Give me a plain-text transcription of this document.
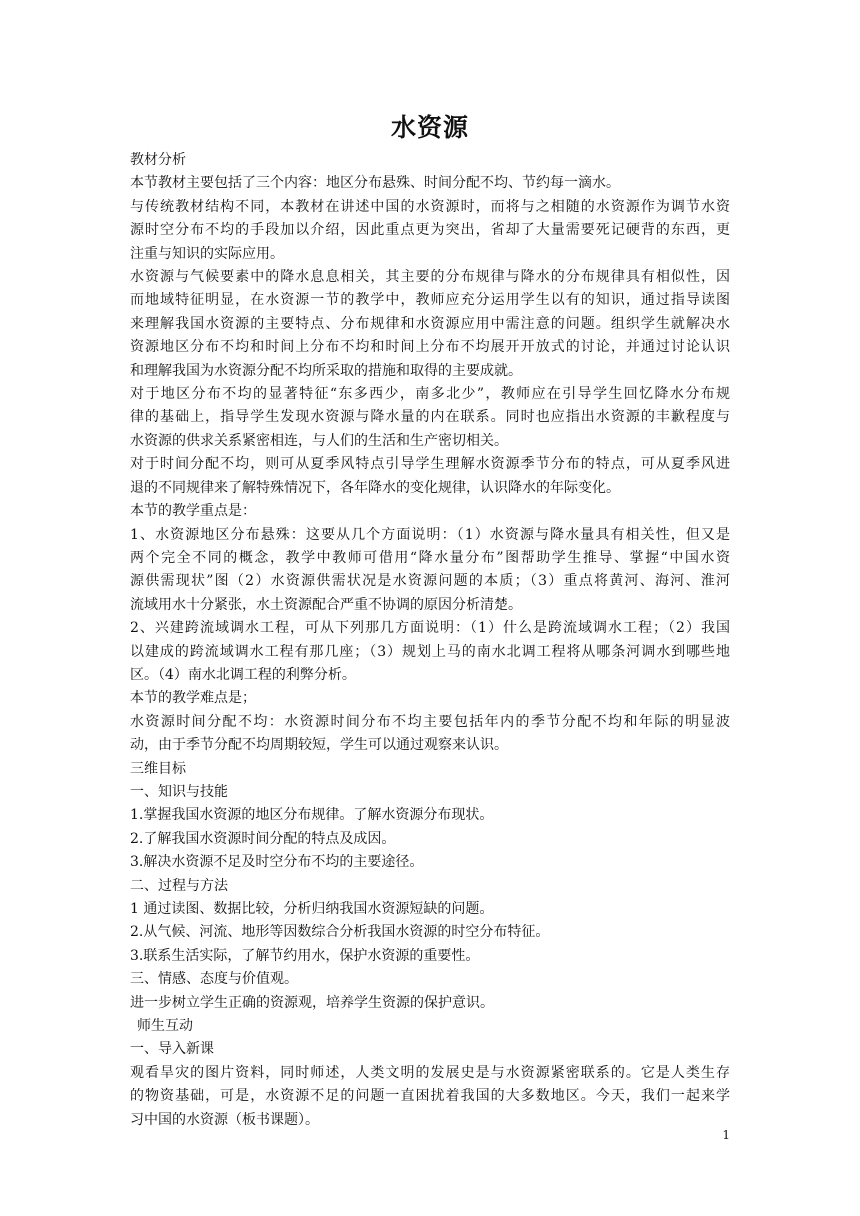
水资源
教材分析
本节教材主要包括了三个内容：地区分布悬殊、时间分配不均、节约每一滴水。
与传统教材结构不同，本教材在讲述中国的水资源时，而将与之相随的水资源作为调节水资
源时空分布不均的手段加以介绍，因此重点更为突出，省却了大量需要死记硬背的东西，更
注重与知识的实际应用。
水资源与气候要素中的降水息息相关，其主要的分布规律与降水的分布规律具有相似性，因
而地域特征明显，在水资源一节的教学中，教师应充分运用学生以有的知识，通过指导读图
来理解我国水资源的主要特点、分布规律和水资源应用中需注意的问题。组织学生就解决水
资源地区分布不均和时间上分布不均和时间上分布不均展开开放式的讨论，并通过讨论认识
和理解我国为水资源分配不均所采取的措施和取得的主要成就。
对于地区分布不均的显著特征“东多西少，南多北少”，教师应在引导学生回忆降水分布规
律的基础上，指导学生发现水资源与降水量的内在联系。同时也应指出水资源的丰歉程度与
水资源的供求关系紧密相连，与人们的生活和生产密切相关。
对于时间分配不均，则可从夏季风特点引导学生理解水资源季节分布的特点，可从夏季风进
退的不同规律来了解特殊情况下，各年降水的变化规律，认识降水的年际变化。
本节的教学重点是：
1、水资源地区分布悬殊：这要从几个方面说明：（1）水资源与降水量具有相关性，但又是
两个完全不同的概念，教学中教师可借用“降水量分布”图帮助学生推导、掌握“中国水资
源供需现状”图（2）水资源供需状况是水资源问题的本质；（3）重点将黄河、海河、淮河
流域用水十分紧张，水土资源配合严重不协调的原因分析清楚。
2、兴建跨流域调水工程，可从下列那几方面说明：（1）什么是跨流域调水工程；（2）我国
以建成的跨流域调水工程有那几座；（3）规划上马的南水北调工程将从哪条河调水到哪些地
区。（4）南水北调工程的利弊分析。
本节的教学难点是；
水资源时间分配不均：水资源时间分布不均主要包括年内的季节分配不均和年际的明显波
动，由于季节分配不均周期较短，学生可以通过观察来认识。
三维目标
一、知识与技能
1.掌握我国水资源的地区分布规律。了解水资源分布现状。
2.了解我国水资源时间分配的特点及成因。
3.解决水资源不足及时空分布不均的主要途径。
二、过程与方法
1 通过读图、数据比较，分析归纳我国水资源短缺的问题。
2.从气候、河流、地形等因数综合分析我国水资源的时空分布特征。
3.联系生活实际，了解节约用水，保护水资源的重要性。
三、情感、态度与价值观。
进一步树立学生正确的资源观，培养学生资源的保护意识。
师生互动
一、导入新课
观看旱灾的图片资料，同时师述，人类文明的发展史是与水资源紧密联系的。它是人类生存
的物资基础，可是，水资源不足的问题一直困扰着我国的大多数地区。今天，我们一起来学
习中国的水资源（板书课题）。
1
